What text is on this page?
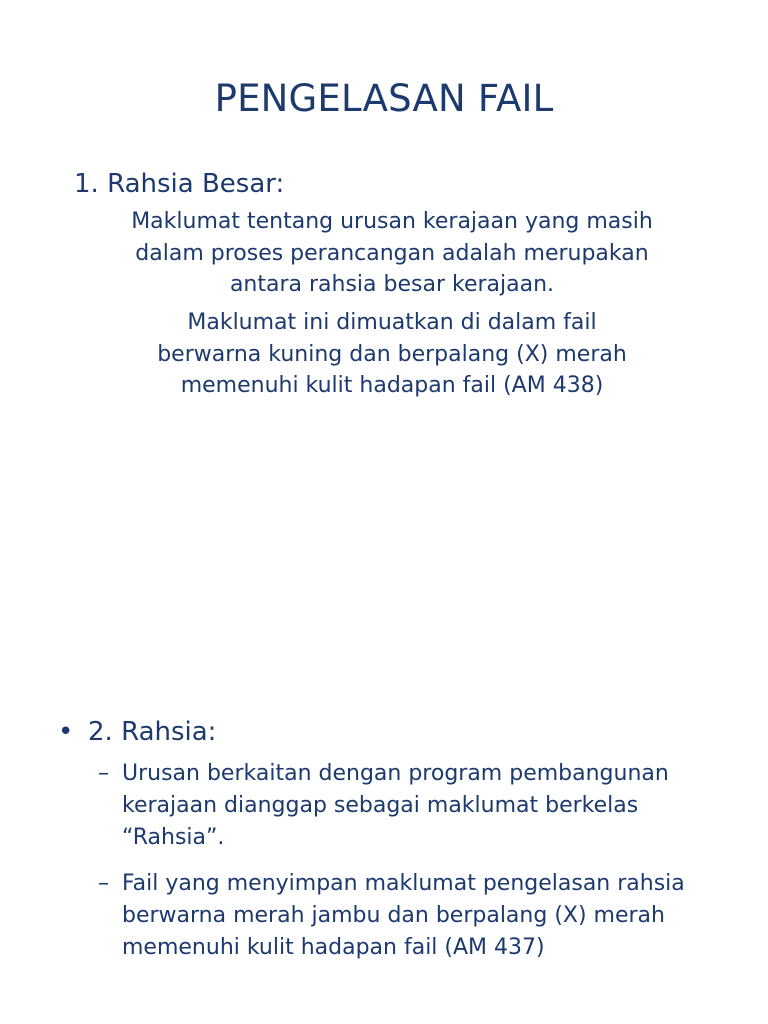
PENGELASAN FAIL
1. Rahsia Besar:
Maklumat tentang urusan kerajaan yang masih
dalam proses perancangan adalah merupakan
antara rahsia besar kerajaan.
Maklumat ini dimuatkan di dalam fail
berwarna kuning dan berpalang (X) merah
memenuhi kulit hadapan fail (AM 438)
• 2. Rahsia:
– Urusan berkaitan dengan program pembangunan
kerajaan dianggap sebagai maklumat berkelas
“Rahsia”.
– Fail yang menyimpan maklumat pengelasan rahsia
berwarna merah jambu dan berpalang (X) merah
memenuhi kulit hadapan fail (AM 437)
